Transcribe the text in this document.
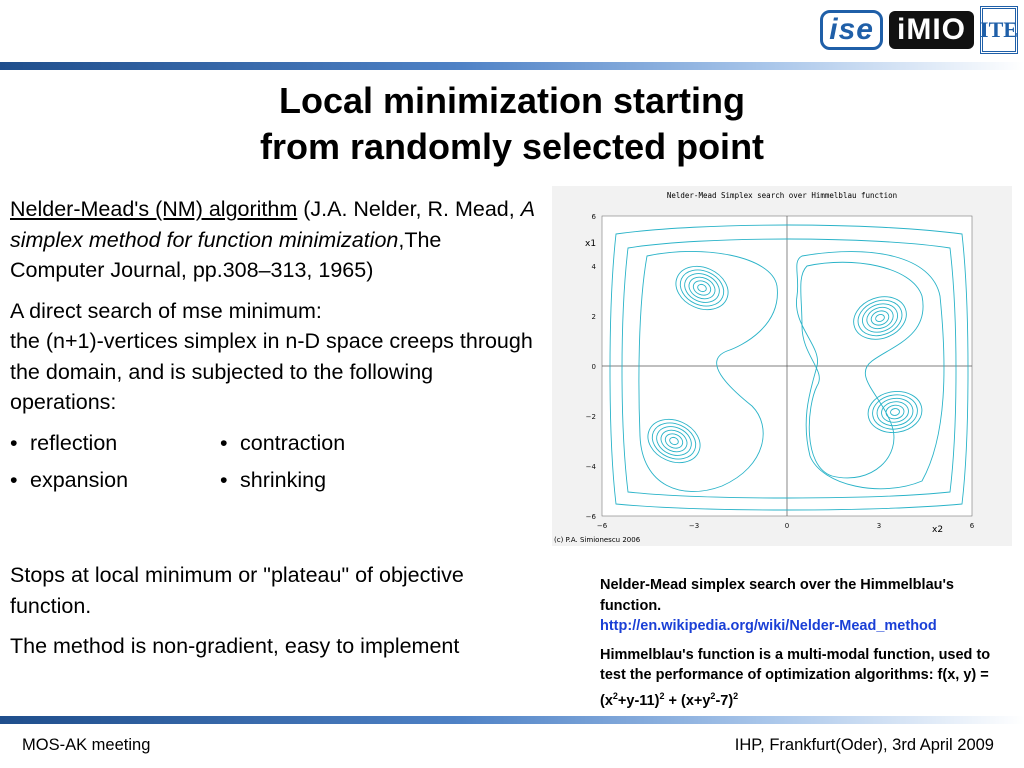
ise iMIO ITE
Local minimization starting
from randomly selected point

Nelder-Mead's (NM) algorithm (J.A. Nelder, R. Mead, A simplex method for function minimization,The Computer Journal, pp.308–313, 1965)

A direct search of mse minimum:
the (n+1)-vertices simplex in n-D space creeps through the domain, and is subjected to the following operations:

• reflection	• contraction
• expansion	• shrinking

Stops at local minimum or "plateau" of objective function.

The method is non-gradient, easy to implement

Nelder-Mead Simplex search over Himmelblau function
6
4
2
0
−2
−4
−6
−6	−3	0	3	6
x1
x2
(c) P.A. Simionescu 2006

Nelder-Mead simplex search over the Himmelblau's function.
http://en.wikipedia.org/wiki/Nelder-Mead_method

Himmelblau's function is a multi-modal function, used to test the performance of optimization algorithms: f(x, $y) = (x^2+y-11)^2 + (x+y^2-7)^2$

MOS-AK meeting	IHP, Frankfurt(Oder), 3rd April 2009
